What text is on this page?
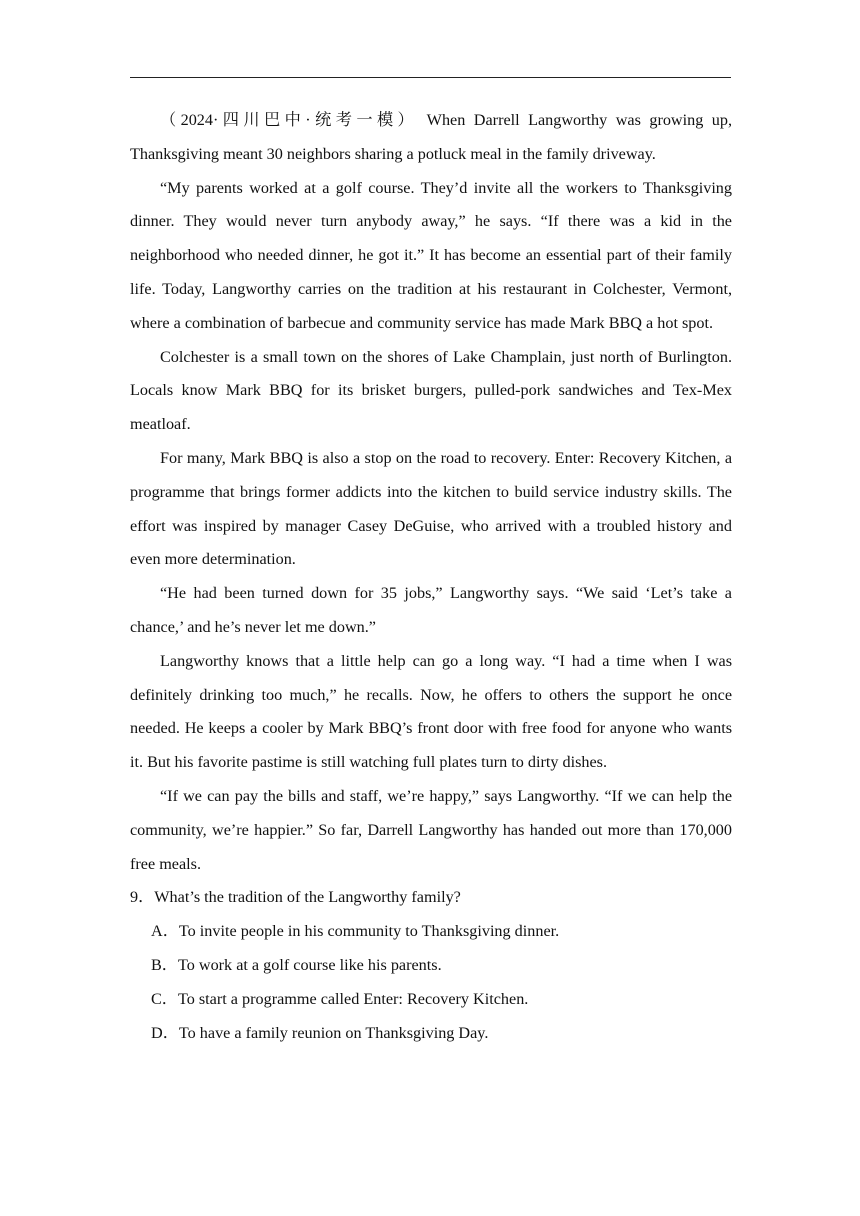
（2024·四川巴中·统考一模） When Darrell Langworthy was growing up, Thanksgiving meant 30 neighbors sharing a potluck meal in the family driveway.

“My parents worked at a golf course. They’d invite all the workers to Thanksgiving dinner. They would never turn anybody away,” he says. “If there was a kid in the neighborhood who needed dinner, he got it.” It has become an essential part of their family life. Today, Langworthy carries on the tradition at his restaurant in Colchester, Vermont, where a combination of barbecue and community service has made Mark BBQ a hot spot.

Colchester is a small town on the shores of Lake Champlain, just north of Burlington. Locals know Mark BBQ for its brisket burgers, pulled-pork sandwiches and Tex-Mex meatloaf.

For many, Mark BBQ is also a stop on the road to recovery. Enter: Recovery Kitchen, a programme that brings former addicts into the kitchen to build service industry skills. The effort was inspired by manager Casey DeGuise, who arrived with a troubled history and even more determination.

“He had been turned down for 35 jobs,” Langworthy says. “We said ‘Let’s take a chance,’ and he’s never let me down.”

Langworthy knows that a little help can go a long way. “I had a time when I was definitely drinking too much,” he recalls. Now, he offers to others the support he once needed. He keeps a cooler by Mark BBQ’s front door with free food for anyone who wants it. But his favorite pastime is still watching full plates turn to dirty dishes.

“If we can pay the bills and staff, we’re happy,” says Langworthy. “If we can help the community, we’re happier.” So far, Darrell Langworthy has handed out more than 170,000 free meals.

9．What’s the tradition of the Langworthy family?

A．To invite people in his community to Thanksgiving dinner.

B．To work at a golf course like his parents.

C．To start a programme called Enter: Recovery Kitchen.

D．To have a family reunion on Thanksgiving Day.
